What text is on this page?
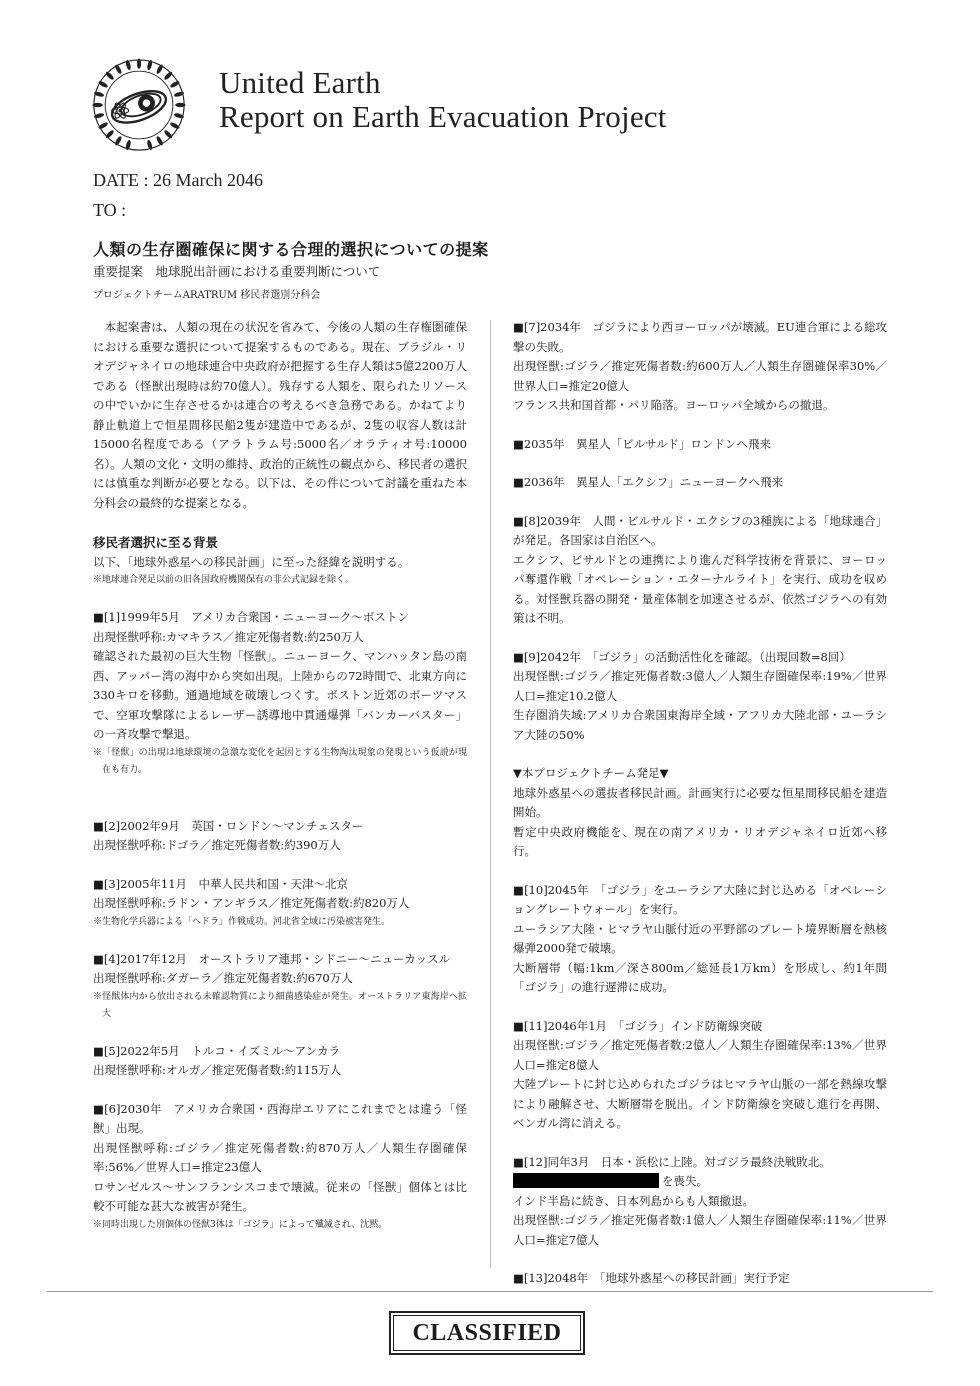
United Earth
Report on Earth Evacuation Project
DATE : 26 March 2046
TO :
人類の生存圏確保に関する合理的選択についての提案
重要提案　地球脱出計画における重要判断について
プロジェクトチームARATRUM 移民者選別分科会

本起案書は、人類の現在の状況を省みて、今後の人類の生存権圏確保における重要な選択について提案するものである。現在、ブラジル・リオデジャネイロの地球連合中央政府が把握する生存人類は5億2200万人である（怪獣出現時は約70億人）。残存する人類を、限られたリソースの中でいかに生存させるかは連合の考えるべき急務である。かねてより静止軌道上で恒星間移民船2隻が建造中であるが、2隻の収容人数は計15000名程度である（アラトラム号:5000名／オラティオ号:10000名）。人類の文化・文明の維持、政治的正統性の観点から、移民者の選択には慎重な判断が必要となる。以下は、その件について討議を重ねた本分科会の最終的な提案となる。

移民者選択に至る背景

以下、「地球外惑星への移民計画」に至った経緯を説明する。

※地球連合発足以前の旧各国政府機関保有の非公式記録を除く。

■[1]1999年5月　アメリカ合衆国・ニューヨーク～ボストン

出現怪獣呼称:カマキラス／推定死傷者数:約250万人

確認された最初の巨大生物「怪獣」。ニューヨーク、マンハッタン島の南西、アッパー湾の海中から突如出現。上陸からの72時間で、北東方向に330キロを移動。通過地域を破壊しつくす。ボストン近郊のボーツマスで、空軍攻撃隊によるレーザー誘導地中貫通爆弾「バンカーバスター」の一斉攻撃で撃退。

※「怪獣」の出現は地球環境の急激な変化を起因とする生物淘汰現象の発現という仮説が現在も有力。

■[2]2002年9月　英国・ロンドン～マンチェスター

出現怪獣呼称:ドゴラ／推定死傷者数:約390万人

■[3]2005年11月　中華人民共和国・天津～北京

出現怪獣呼称:ラドン・アンギラス／推定死傷者数:約820万人

※生物化学兵器による「ヘドラ」作戦成功。河北省全域に汚染被害発生。

■[4]2017年12月　オーストラリア連邦・シドニー～ニューカッスル

出現怪獣呼称:ダガーラ／推定死傷者数:約670万人

※怪獣体内から放出される未確認物質により細菌感染症が発生。オーストラリア東海岸へ拡大

■[5]2022年5月　トルコ・イズミル～アンカラ

出現怪獣呼称:オルガ／推定死傷者数:約115万人

■[6]2030年　アメリカ合衆国・西海岸エリアにこれまでとは違う「怪獣」出現。

出現怪獣呼称:ゴジラ／推定死傷者数:約870万人／人類生存圏確保率:56%／世界人口=推定23億人

ロサンゼルス～サンフランシスコまで壊滅。従来の「怪獣」個体とは比較不可能な甚大な被害が発生。

※同時出現した別個体の怪獣3体は「ゴジラ」によって殲滅され、沈黙。

■[7]2034年　ゴジラにより西ヨーロッパが壊滅。EU連合軍による総攻撃の失敗。

出現怪獣:ゴジラ／推定死傷者数:約600万人／人類生存圏確保率30%／世界人口=推定20億人

フランス共和国首都・パリ陥落。ヨーロッパ全域からの撤退。

■2035年　異星人「ビルサルド」ロンドンへ飛来

■2036年　異星人「エクシフ」ニューヨークへ飛来

■[8]2039年　人間・ビルサルド・エクシフの3種族による「地球連合」が発足。各国家は自治区へ。

エクシフ、ビサルドとの連携により進んだ科学技術を背景に、ヨーロッパ奪還作戦「オペレーション・エターナルライト」を実行、成功を収める。対怪獣兵器の開発・量産体制を加速させるが、依然ゴジラへの有効策は不明。

■[9]2042年　「ゴジラ」の活動活性化を確認。（出現回数=8回）

出現怪獣:ゴジラ／推定死傷者数:3億人／人類生存圏確保率:19%／世界人口=推定10.2億人

生存圏消失域:アメリカ合衆国東海岸全域・アフリカ大陸北部・ユーラシア大陸の50%

▼本プロジェクトチーム発足▼

地球外惑星への選抜者移民計画。計画実行に必要な恒星間移民船を建造開始。

暫定中央政府機能を、現在の南アメリカ・リオデジャネイロ近郊へ移行。

■[10]2045年　「ゴジラ」をユーラシア大陸に封じ込める「オペレーショングレートウォール」を実行。

ユーラシア大陸・ヒマラヤ山脈付近の平野部のプレート境界断層を熱核爆弾2000発で破壊。

大断層帯（幅:1km／深さ800m／総延長1万km）を形成し、約1年間「ゴジラ」の進行遅滞に成功。

■[11]2046年1月　「ゴジラ」インド防衛線突破

出現怪獣:ゴジラ／推定死傷者数:2億人／人類生存圏確保率:13%／世界人口=推定8億人

大陸プレートに封じ込められたゴジラはヒマラヤ山脈の一部を熱線攻撃により融解させ、大断層帯を脱出。インド防衛線を突破し進行を再開、ベンガル湾に消える。

■[12]同年3月　日本・浜松に上陸。対ゴジラ最終決戦敗北。

を喪失。

インド半島に続き、日本列島からも人類撤退。

出現怪獣:ゴジラ／推定死傷者数:1億人／人類生存圏確保率:11%／世界人口=推定7億人

■[13]2048年　「地球外惑星への移民計画」実行予定

CLASSIFIED
